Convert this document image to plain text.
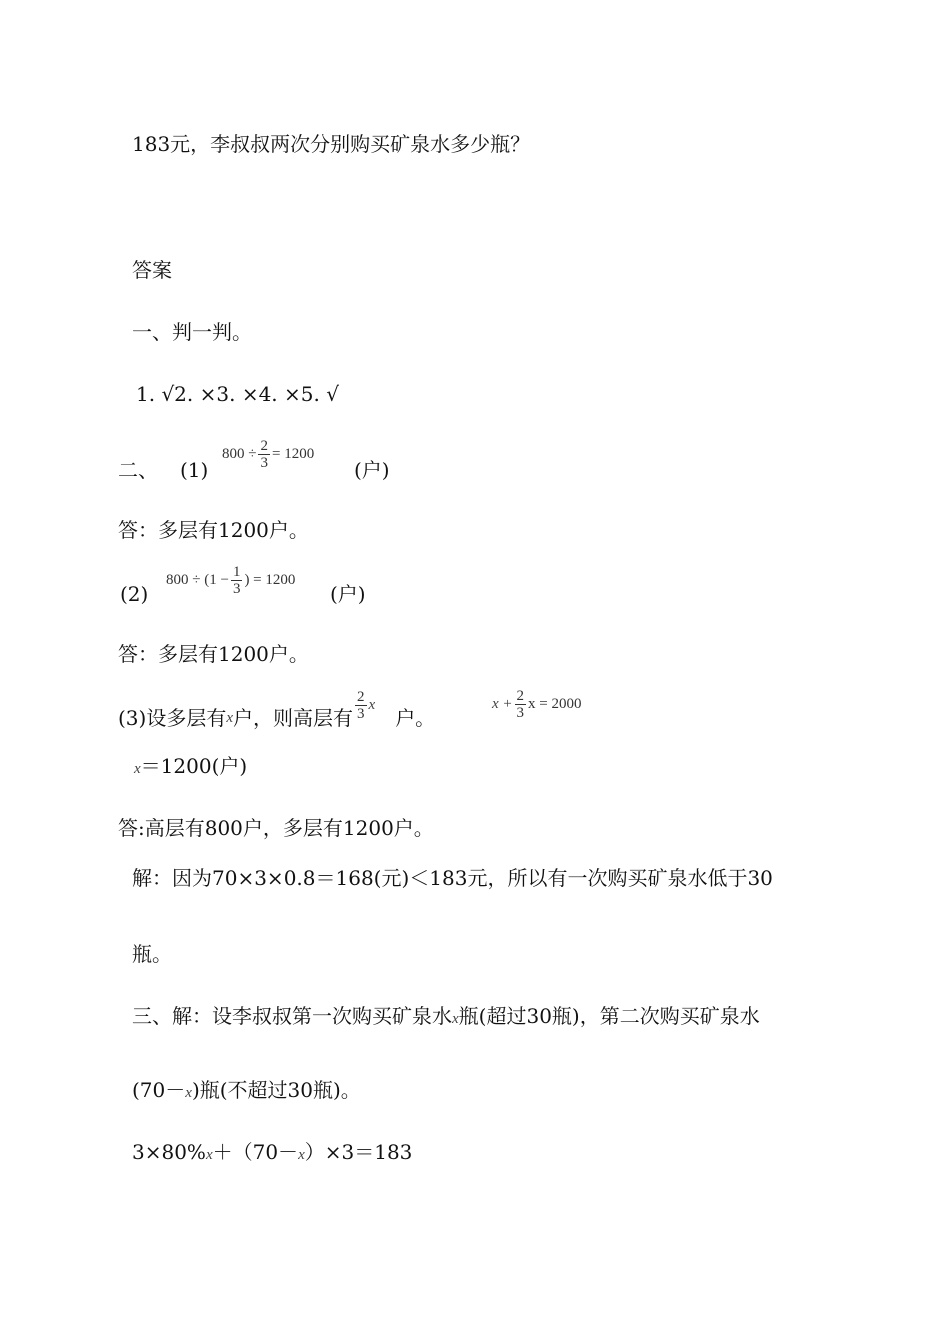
183元，李叔叔两次分别购买矿泉水多少瓶？
答案
一、判一判。
1. √2. ×3. ×4. ×5. √
二、 (1)
$800 \div \frac{2}{3} = 1200$
(户)
答：多层有1200户。
(2)
$800 \div (1 - \frac{1}{3}$ ) = 1200
(户)
答：多层有1200户。
(3)设多层有 x 户，则高层有 $\frac{2}{3}$ x
户。
$x + \frac{2}{3}$ x = 2000
x＝1200(户)
答:高层有800户，多层有1200户。
解：因为70×3×0.8＝168(元)＜183元，所以有一次购买矿泉水低于30
瓶。
三、解：设李叔叔第一次购买矿泉水x瓶(超过30瓶)，第二次购买矿泉水
(70－x)瓶(不超过30瓶)。
3×80%x＋（70－x）×3＝183
